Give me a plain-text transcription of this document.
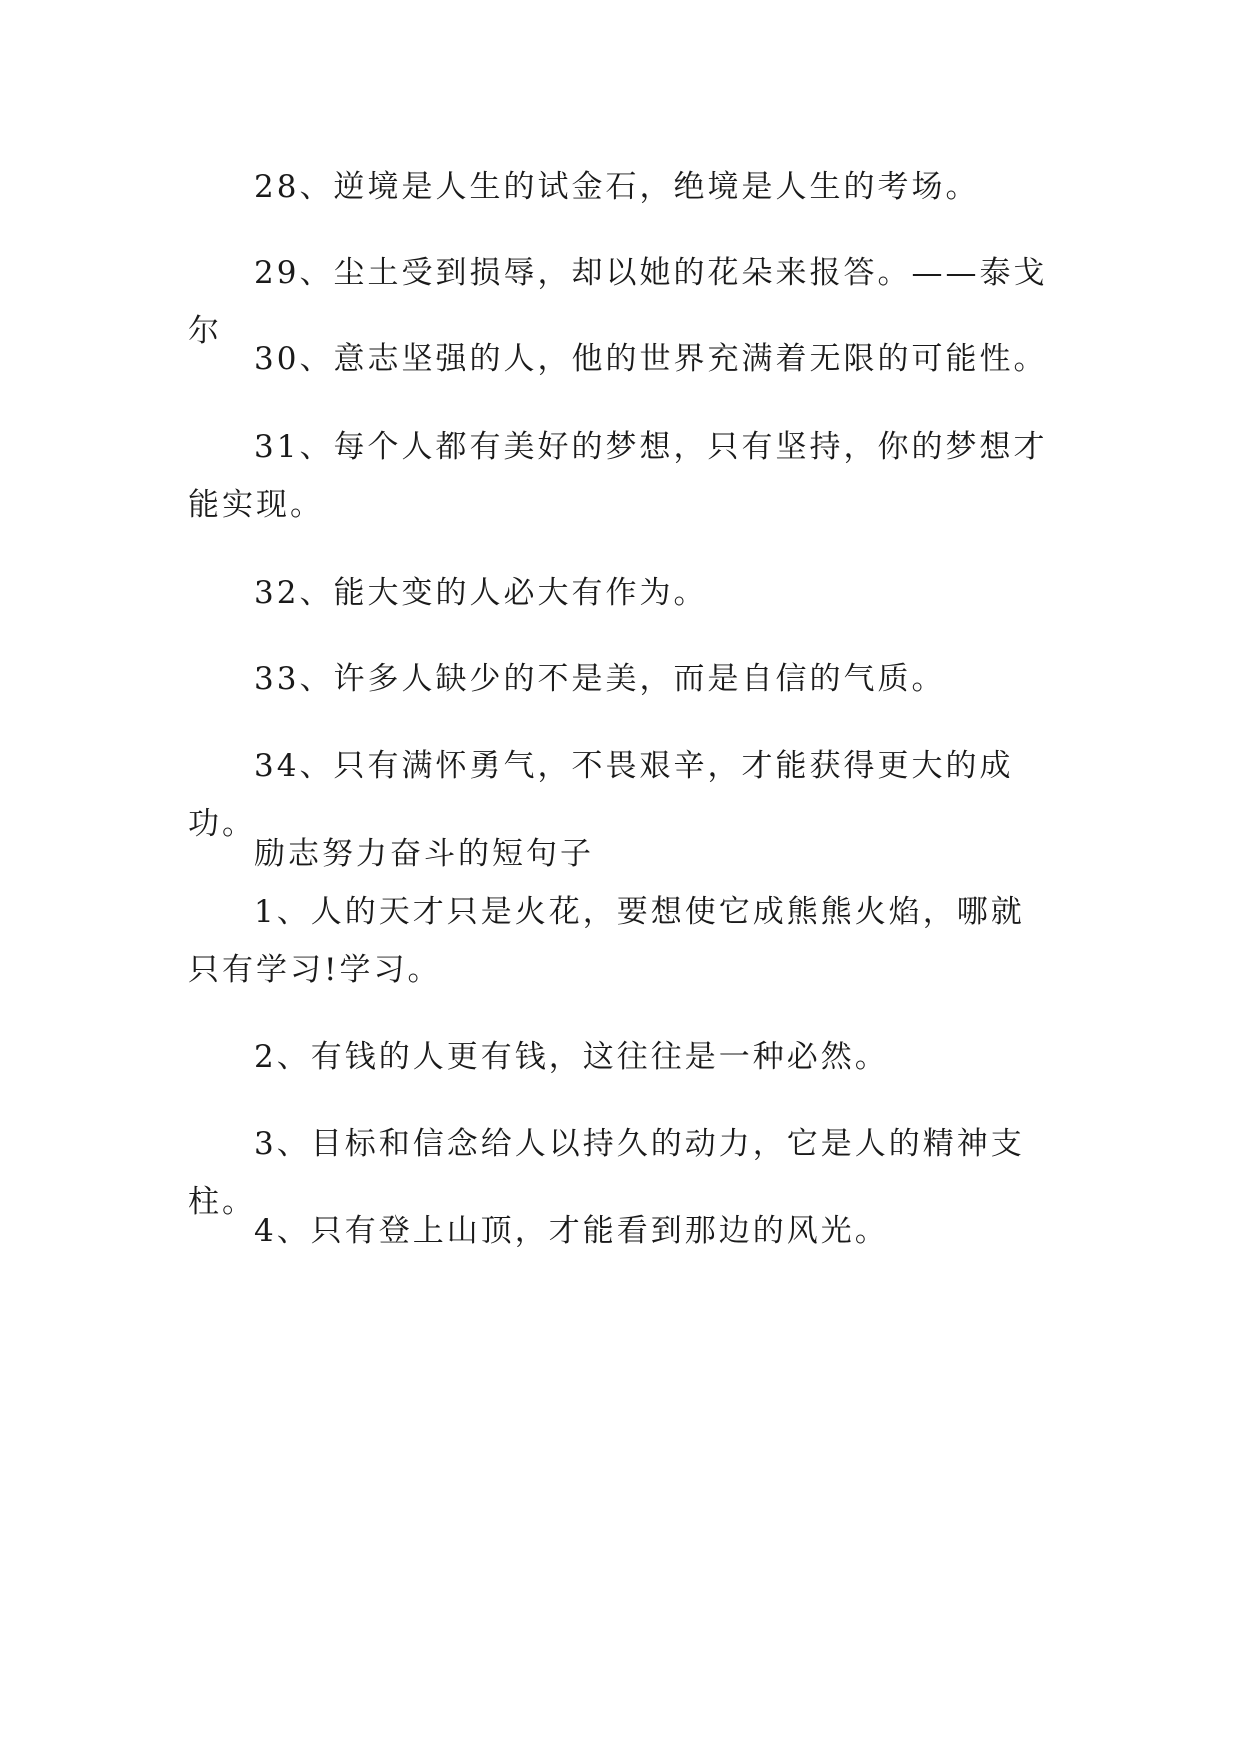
28、逆境是人生的试金石，绝境是人生的考场。

29、尘土受到损辱，却以她的花朵来报答。——泰戈尔

30、意志坚强的人，他的世界充满着无限的可能性。

31、每个人都有美好的梦想，只有坚持，你的梦想才能实现。

32、能大变的人必大有作为。

33、许多人缺少的不是美，而是自信的气质。

34、只有满怀勇气，不畏艰辛，才能获得更大的成功。

励志努力奋斗的短句子

1、人的天才只是火花，要想使它成熊熊火焰，哪就只有学习!学习。

2、有钱的人更有钱，这往往是一种必然。

3、目标和信念给人以持久的动力，它是人的精神支柱。

4、只有登上山顶，才能看到那边的风光。
